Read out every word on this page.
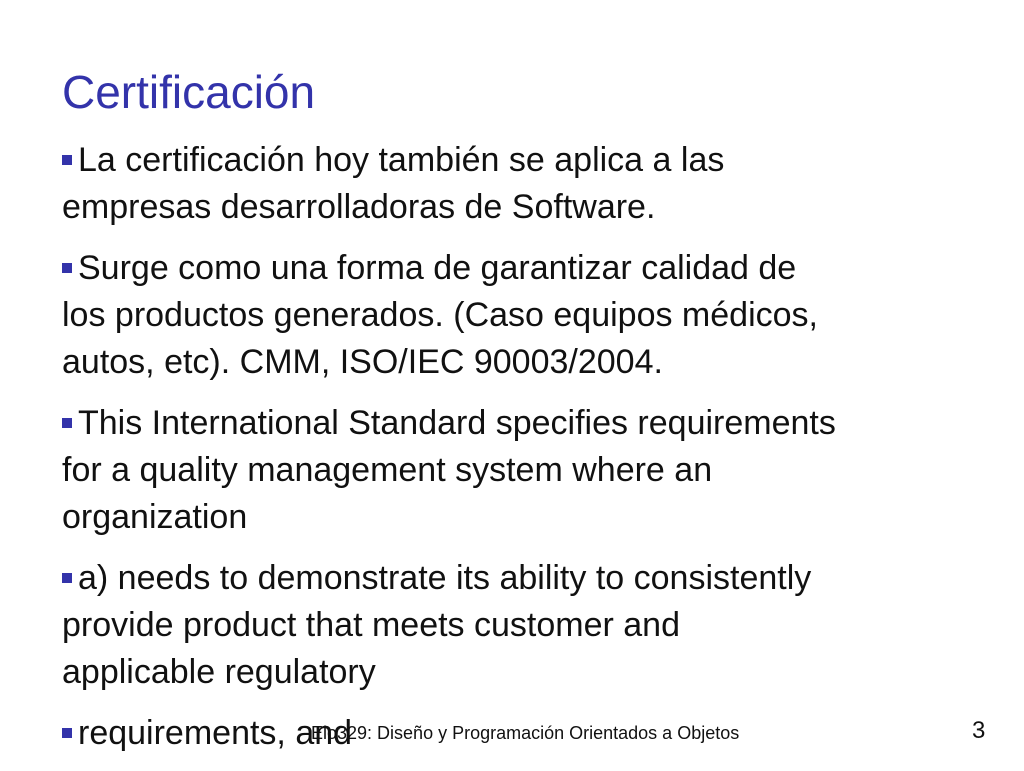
Certificación
La certificación hoy también se aplica a las
empresas desarrolladoras de Software.
Surge como una forma de garantizar calidad de
los productos generados. (Caso equipos médicos,
autos, etc). CMM, ISO/IEC 90003/2004.
This International Standard specifies requirements
for a quality management system where an
organization
a) needs to demonstrate its ability to consistently
provide product that meets customer and
applicable regulatory
requirements, and
Elo329: Diseño y Programación Orientados a Objetos	3
